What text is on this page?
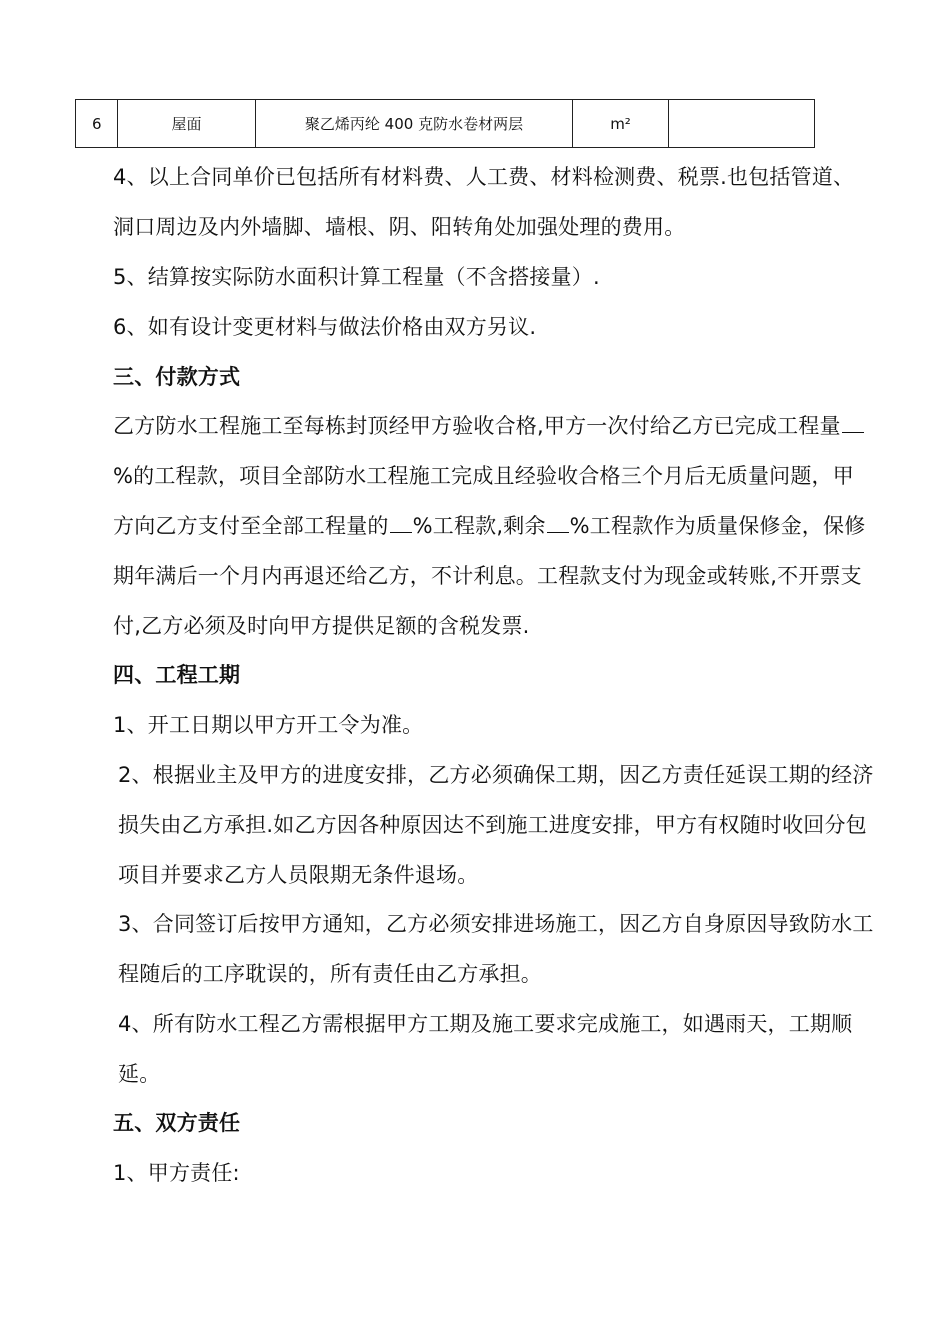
6	屋面	聚乙烯丙纶 400 克防水卷材两层	m²	

4、以上合同单价已包括所有材料费、人工费、材料检测费、税票.也包括管道、洞口周边及内外墙脚、墙根、阴、阳转角处加强处理的费用。

5、结算按实际防水面积计算工程量（不含搭接量）.

6、如有设计变更材料与做法价格由双方另议.

三、付款方式

乙方防水工程施工至每栋封顶经甲方验收合格,甲方一次付给乙方已完成工程量%的工程款，项目全部防水工程施工完成且经验收合格三个月后无质量问题，甲方向乙方支付至全部工程量的 %工程款,剩余 %工程款作为质量保修金，保修期年满后一个月内再退还给乙方，不计利息。工程款支付为现金或转账,不开票支付,乙方必须及时向甲方提供足额的含税发票.

四、工程工期

1、开工日期以甲方开工令为准。

2、根据业主及甲方的进度安排，乙方必须确保工期，因乙方责任延误工期的经济损失由乙方承担.如乙方因各种原因达不到施工进度安排，甲方有权随时收回分包项目并要求乙方人员限期无条件退场。

3、合同签订后按甲方通知，乙方必须安排进场施工，因乙方自身原因导致防水工程随后的工序耽误的，所有责任由乙方承担。

4、所有防水工程乙方需根据甲方工期及施工要求完成施工，如遇雨天，工期顺延。

五、双方责任

1、甲方责任:
